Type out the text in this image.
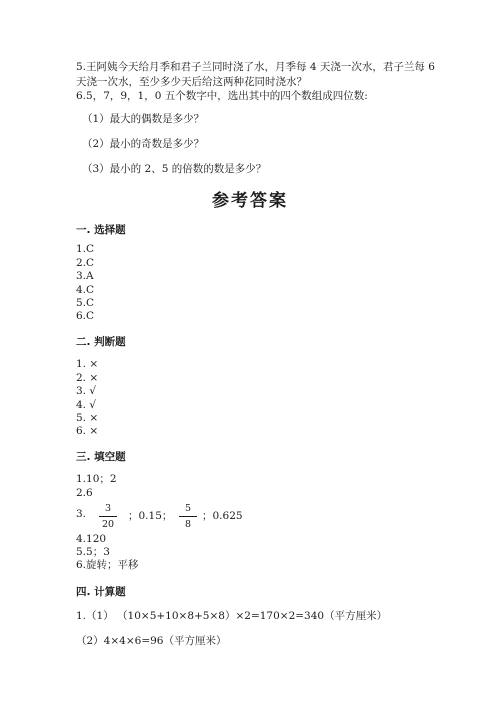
5.王阿姨今天给月季和君子兰同时浇了水，月季每 4 天浇一次水，君子兰每 6
天浇一次水，至少多少天后给这两种花同时浇水？
6.5，7，9，1，0 五个数字中，选出其中的四个数组成四位数:
（1）最大的偶数是多少？
（2）最小的奇数是多少？
（3）最小的 2、5 的倍数的数是多少？
参考答案
一. 选择题
1.C
2.C
3.A
4.C
5.C
6.C
二. 判断题
1. ×
2. ×
3. √
4. √
5. ×
6. ×
三. 填空题
1.10；2
2.6
3.	3
20
；0.15；
5
8
；0.625
4.120
5.5；3
6.旋转；平移
四. 计算题
1.（1） （10×5+10×8+5×8）×2=170×2=340（平方厘米）
（2）4×4×6=96（平方厘米）
